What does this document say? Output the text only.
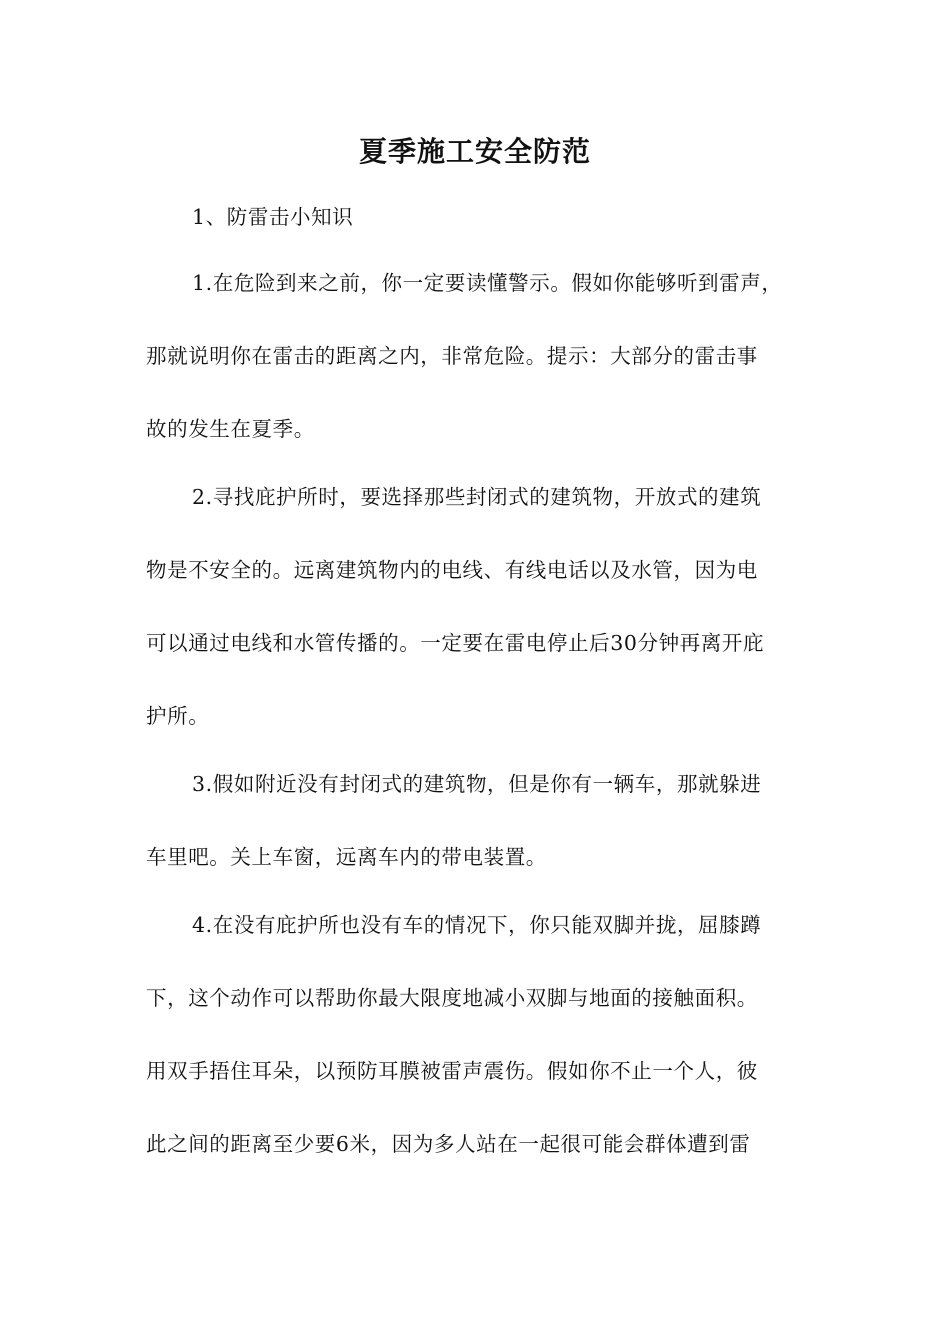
夏季施工安全防范

1、防雷击小知识

1.在危险到来之前，你一定要读懂警示。假如你能够听到雷声，

那就说明你在雷击的距离之内，非常危险。提示：大部分的雷击事

故的发生在夏季。

2.寻找庇护所时，要选择那些封闭式的建筑物，开放式的建筑

物是不安全的。远离建筑物内的电线、有线电话以及水管，因为电

可以通过电线和水管传播的。一定要在雷电停止后30分钟再离开庇

护所。

3.假如附近没有封闭式的建筑物，但是你有一辆车，那就躲进

车里吧。关上车窗，远离车内的带电装置。

4.在没有庇护所也没有车的情况下，你只能双脚并拢，屈膝蹲

下，这个动作可以帮助你最大限度地减小双脚与地面的接触面积。

用双手捂住耳朵，以预防耳膜被雷声震伤。假如你不止一个人，彼

此之间的距离至少要6米，因为多人站在一起很可能会群体遭到雷
